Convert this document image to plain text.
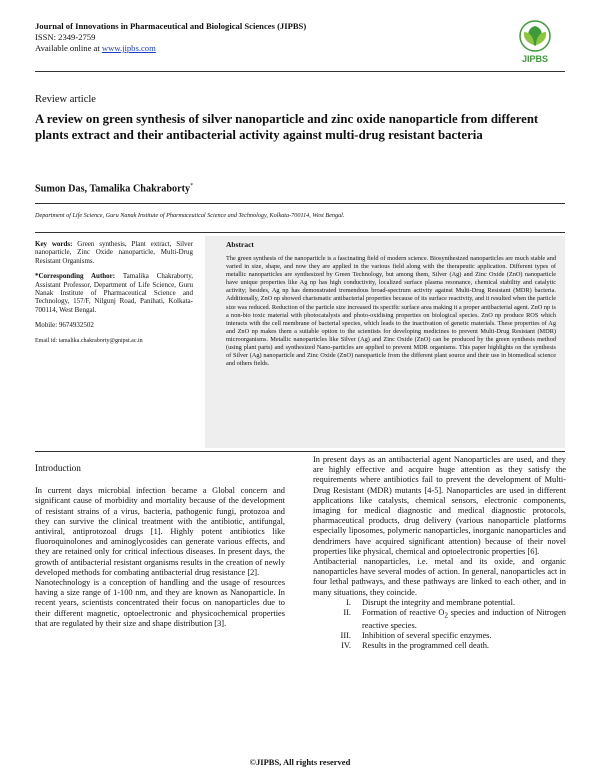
Journal of Innovations in Pharmaceutical and Biological Sciences (JIPBS)
ISSN: 2349-2759
Available online at www.jipbs.com
JIPBS
Review article
A review on green synthesis of silver nanoparticle and zinc oxide nanoparticle from different plants extract and their antibacterial activity against multi-drug resistant bacteria
Sumon Das, Tamalika Chakraborty*
Department of Life Science, Guru Nanak Institute of Pharmaceutical Science and Technology, Kolkata-700114, West Bengal.

Key words: Green synthesis, Plant extract, Silver nanoparticle, Zinc Oxide nanoparticle, Multi-Drug Resistant Organisms.

*Corresponding Author: Tamalika Chakraborty, Assistant Professor, Department of Life Science, Guru Nanak Institute of Pharmaceutical Science and Technology, 157/F, Nilgunj Road, Panihati, Kolkata-700114, West Bengal.

Mobile: 9674932502

Email id: tamalika.chakraborty@gnipst.ac.in

Abstract
The green synthesis of the nanoparticle is a fascinating field of modern science. Biosynthesized nanoparticles are much stable and varied in size, shape, and now they are applied in the various field along with the therapeutic application. Different types of metallic nanoparticles are synthesized by Green Technology, but among them, Silver (Ag) and Zinc Oxide (ZnO) nanoparticle have unique properties like Ag np has high conductivity, localized surface plasma resonance, chemical stability and catalytic activity; besides, Ag np has demonstrated tremendous broad-spectrum activity against Multi-Drug Resistant (MDR) bacteria. Additionally, ZnO np showed charismatic antibacterial properties because of its surface reactivity, and it resulted when the particle size was reduced. Reduction of the particle size increased its specific surface area making it a proper antibacterial agent. ZnO np is a non-bio toxic material with photocatalysis and photo-oxidising properties on biological species. ZnO np produce ROS which interacts with the cell membrane of bacterial species, which leads to the inactivation of genetic materials. These properties of Ag and ZnO np makes them a suitable option to the scientists for developing medicines to prevent Multi-Drug Resistant (MDR) microorganisms. Metallic nanoparticles like Silver (Ag) and Zinc Oxide (ZnO) can be produced by the green synthesis method (using plant parts) and synthesized Nano-particles are applied to prevent MDR organisms. This paper highlights on the synthesis of Silver (Ag) nanoparticle and Zinc Oxide (ZnO) nanoparticle from the different plant source and their use in biomedical science and others fields.

Introduction

In current days microbial infection became a Global concern and significant cause of morbidity and mortality because of the development of resistant strains of a virus, bacteria, pathogenic fungi, protozoa and they can survive the clinical treatment with the antibiotic, antifungal, antiviral, antiprotozoal drugs [1]. Highly potent antibiotics like fluoroquinolones and aminoglycosides can generate various effects, and they are retained only for critical infectious diseases. In present days, the growth of antibacterial resistant organisms results in the creation of newly developed methods for combating antibacterial drug resistance [2].

Nanotechnology is a conception of handling and the usage of resources having a size range of 1-100 nm, and they are known as Nanoparticle. In recent years, scientists concentrated their focus on nanoparticles due to their different magnetic, optoelectronic and physicochemical properties that are regulated by their size and shape distribution [3].

In present days as an antibacterial agent Nanoparticles are used, and they are highly effective and acquire huge attention as they satisfy the requirements where antibiotics fail to prevent the development of Multi-Drug Resistant (MDR) mutants [4-5]. Nanoparticles are used in different applications like catalysts, chemical sensors, electronic components, imaging for medical diagnostic and medical diagnostic protocols, pharmaceutical products, drug delivery (various nanoparticle platforms especially liposomes, polymeric nanoparticles, inorganic nanoparticles and dendrimers have acquired significant attention) because of their novel properties like physical, chemical and optoelectronic properties [6].

Antibacterial nanoparticles, i.e. metal and its oxide, and organic nanoparticles have several modes of action. In general, nanoparticles act in four lethal pathways, and these pathways are linked to each other, and in many situations, they coincide.

I.	Disrupt the integrity and membrane potential.
II.	Formation of reactive $O_2$ species and induction of Nitrogen reactive species.
III.	Inhibition of several specific enzymes.
IV.	Results in the programmed cell death.
©JIPBS, All rights reserved
